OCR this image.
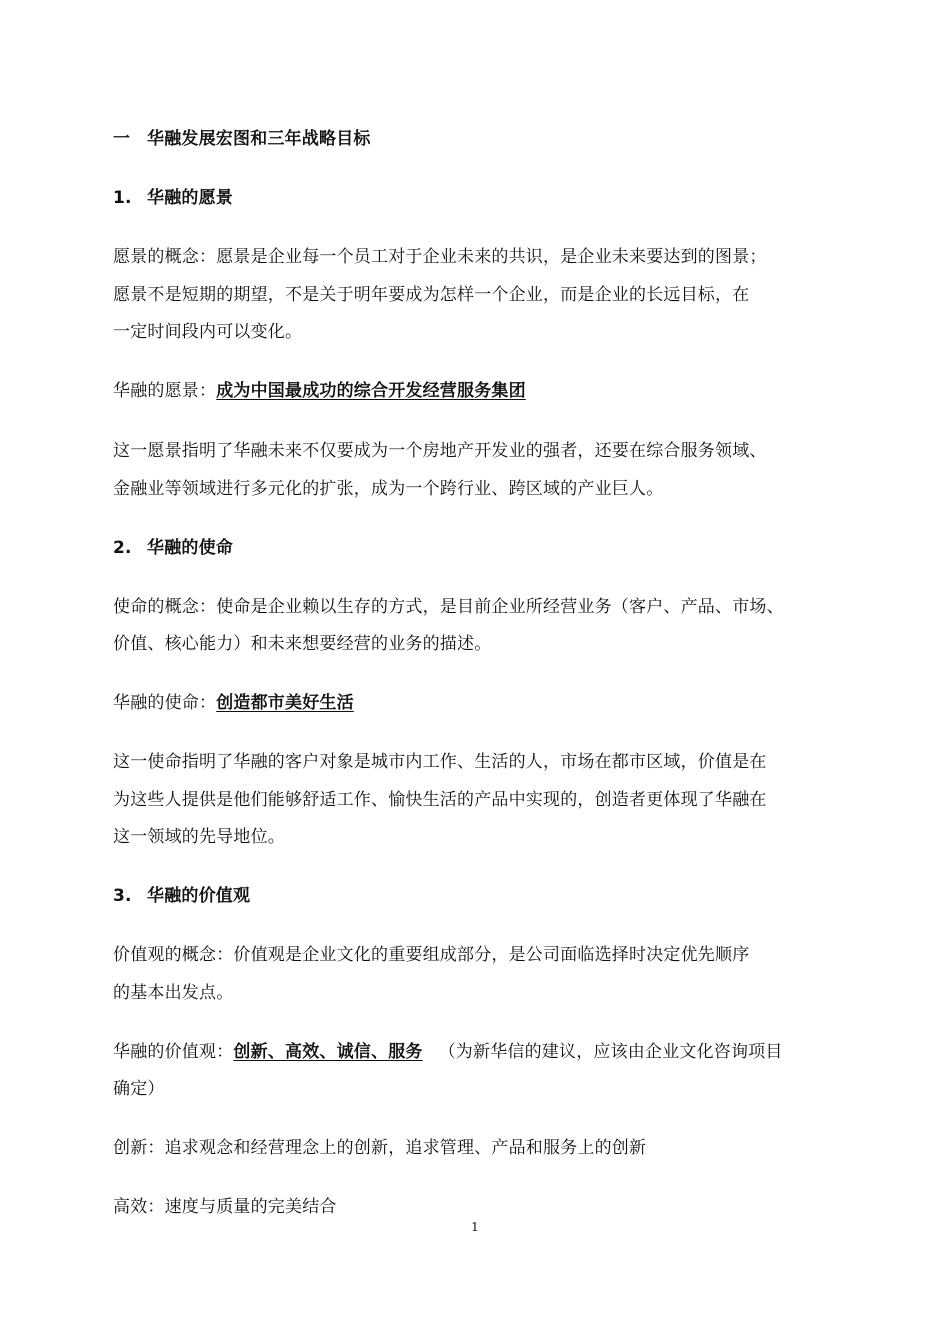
一 华融发展宏图和三年战略目标
1. 华融的愿景
愿景的概念：愿景是企业每一个员工对于企业未来的共识，是企业未来要达到的图景；
愿景不是短期的期望，不是关于明年要成为怎样一个企业，而是企业的长远目标，在
一定时间段内可以变化。
华融的愿景：成为中国最成功的综合开发经营服务集团
这一愿景指明了华融未来不仅要成为一个房地产开发业的强者，还要在综合服务领域、
金融业等领域进行多元化的扩张，成为一个跨行业、跨区域的产业巨人。
2. 华融的使命
使命的概念：使命是企业赖以生存的方式，是目前企业所经营业务（客户、产品、市场、
价值、核心能力）和未来想要经营的业务的描述。
华融的使命：创造都市美好生活
这一使命指明了华融的客户对象是城市内工作、生活的人，市场在都市区域，价值是在
为这些人提供是他们能够舒适工作、愉快生活的产品中实现的，创造者更体现了华融在
这一领域的先导地位。
3. 华融的价值观
价值观的概念：价值观是企业文化的重要组成部分，是公司面临选择时决定优先顺序
的基本出发点。
华融的价值观：创新、高效、诚信、服务 （为新华信的建议，应该由企业文化咨询项目
确定）
创新：追求观念和经营理念上的创新，追求管理、产品和服务上的创新
高效：速度与质量的完美结合
1
